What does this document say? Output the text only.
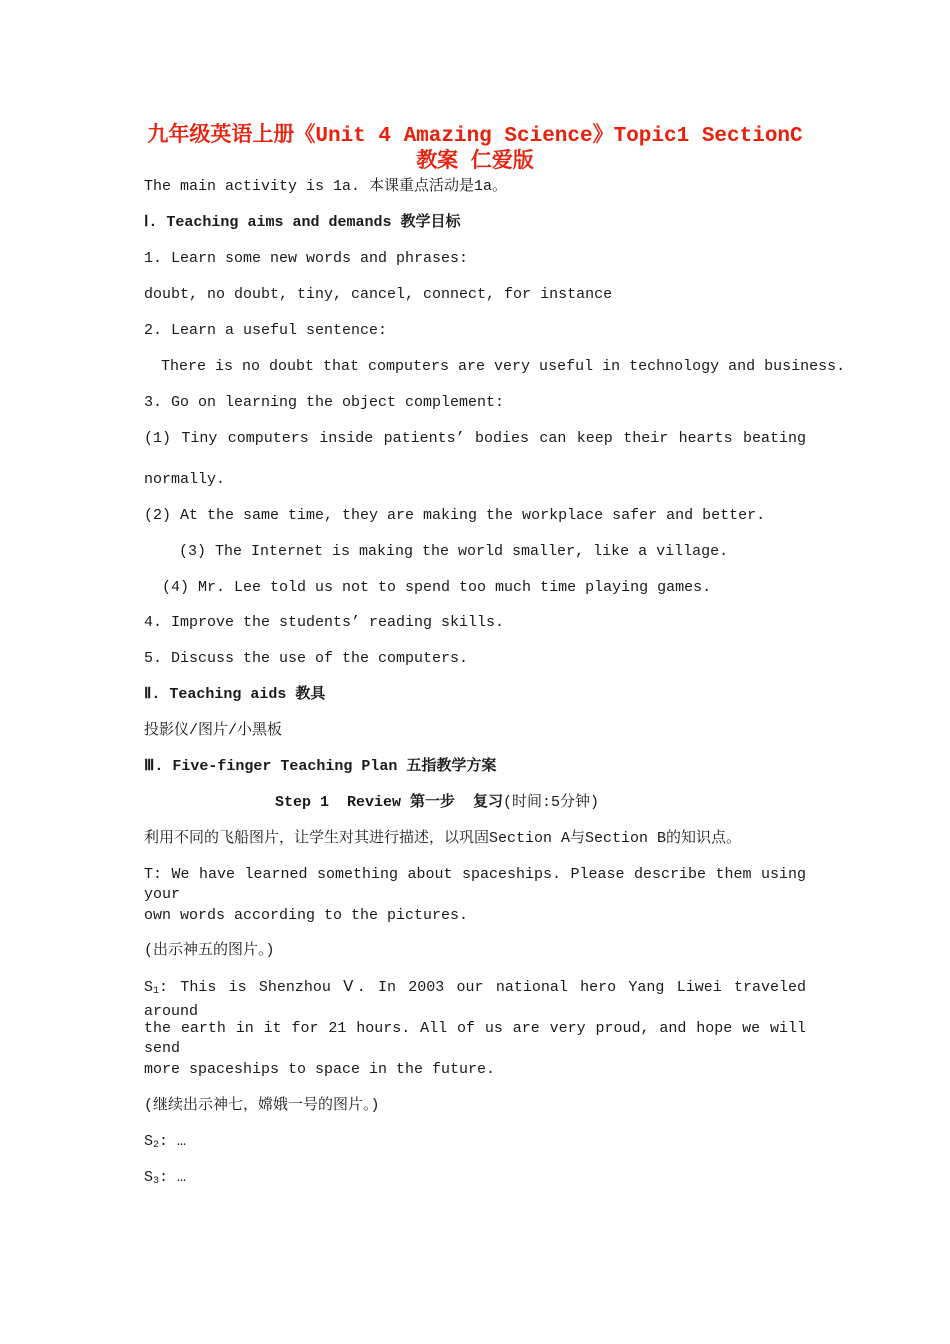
九年级英语上册《Unit 4 Amazing Science》Topic1 SectionC 教案 仁爱版
The main activity is 1a. 本课重点活动是1a。
Ⅰ. Teaching aims and demands 教学目标
1. Learn some new words and phrases:
doubt, no doubt, tiny, cancel, connect, for instance
2. Learn a useful sentence:
There is no doubt that computers are very useful in technology and business.
3. Go on learning the object complement:
(1) Tiny computers inside patients’ bodies can keep their hearts beating
normally.
(2) At the same time, they are making the workplace safer and better.
(3) The Internet is making the world smaller, like a village.
(4) Mr. Lee told us not to spend too much time playing games.
4. Improve the students’ reading skills.
5. Discuss the use of the computers.
Ⅱ. Teaching aids 教具
投影仪/图片/小黑板
Ⅲ. Five-finger Teaching Plan 五指教学方案
Step 1  Review 第一步  复习(时间:5分钟)
利用不同的飞船图片，让学生对其进行描述，以巩固Section A与Section B的知识点。
T: We have learned something about spaceships. Please describe them using your
own words according to the pictures.
(出示神五的图片。)
$S_1$: This is Shenzhou Ⅴ. In 2003 our national hero Yang Liwei traveled around
the earth in it for 21 hours. All of us are very proud, and hope we will send
more spaceships to space in the future.
(继续出示神七，嫦娥一号的图片。)
$S_2$: …
$S_3$: …
